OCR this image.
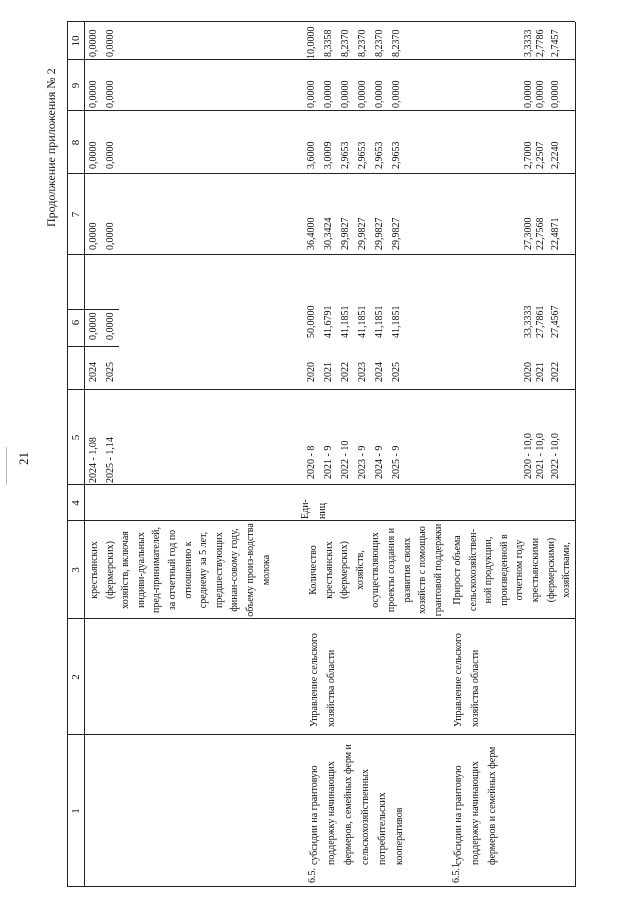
21
Продолжение приложения № 2
1
2
3
4
5
6
7
8
9
10
крестьянских (фермерских) хозяйств, включая индиви-дуальных пред-принимателей, за отчетный год по отношению к среднему за 5 лет, предшествующих финан-совому году, объему произ-водства молока
2024 - 1,08 2025 - 1,14
2024 2025
0,0000 0,0000
0,0000 0,0000
0,0000 0,0000
0,0000 0,0000
0,0000 0,0000
6.5.
субсидии на грантовую поддержку начинающих фермеров, семейных ферм и сельскохозяйственных потребительских кооперативов
Управление сельского хозяйства области
Количество крестьянских (фермерских) хозяйств, осуществляющих проекты создания и развития своих хозяйств с помощью грантовой поддержки
Еди-ниц
2020 - 8 2021 - 9 2022 - 10 2023 - 9 2024 - 9 2025 - 9
2020 2021 2022 2023 2024 2025
50,0000 41,6791 41,1851 41,1851 41,1851 41,1851
36,4000 30,3424 29,9827 29,9827 29,9827 29,9827
3,6000 3,0009 2,9653 2,9653 2,9653 2,9653
0,0000 0,0000 0,0000 0,0000 0,0000 0,0000
10,0000 8,3358 8,2370 8,2370 8,2370 8,2370
6.5.1
субсидии на грантовую поддержку начинающих фермеров и семейных ферм
Управление сельского хозяйства области
Прирост объема сельскохозяйствен-ной продукции, произведенной в отчетном году крестьянскими (фермерскими) хозяйствами,
2020 - 10,0 2021 - 10,0 2022 - 10,0
2020 2021 2022
33,3333 27,7861 27,4567
27,3000 22,7568 22,4871
2,7000 2,2507 2,2240
0,0000 0,0000 0,0000
3,3333 2,7786 2,7457
